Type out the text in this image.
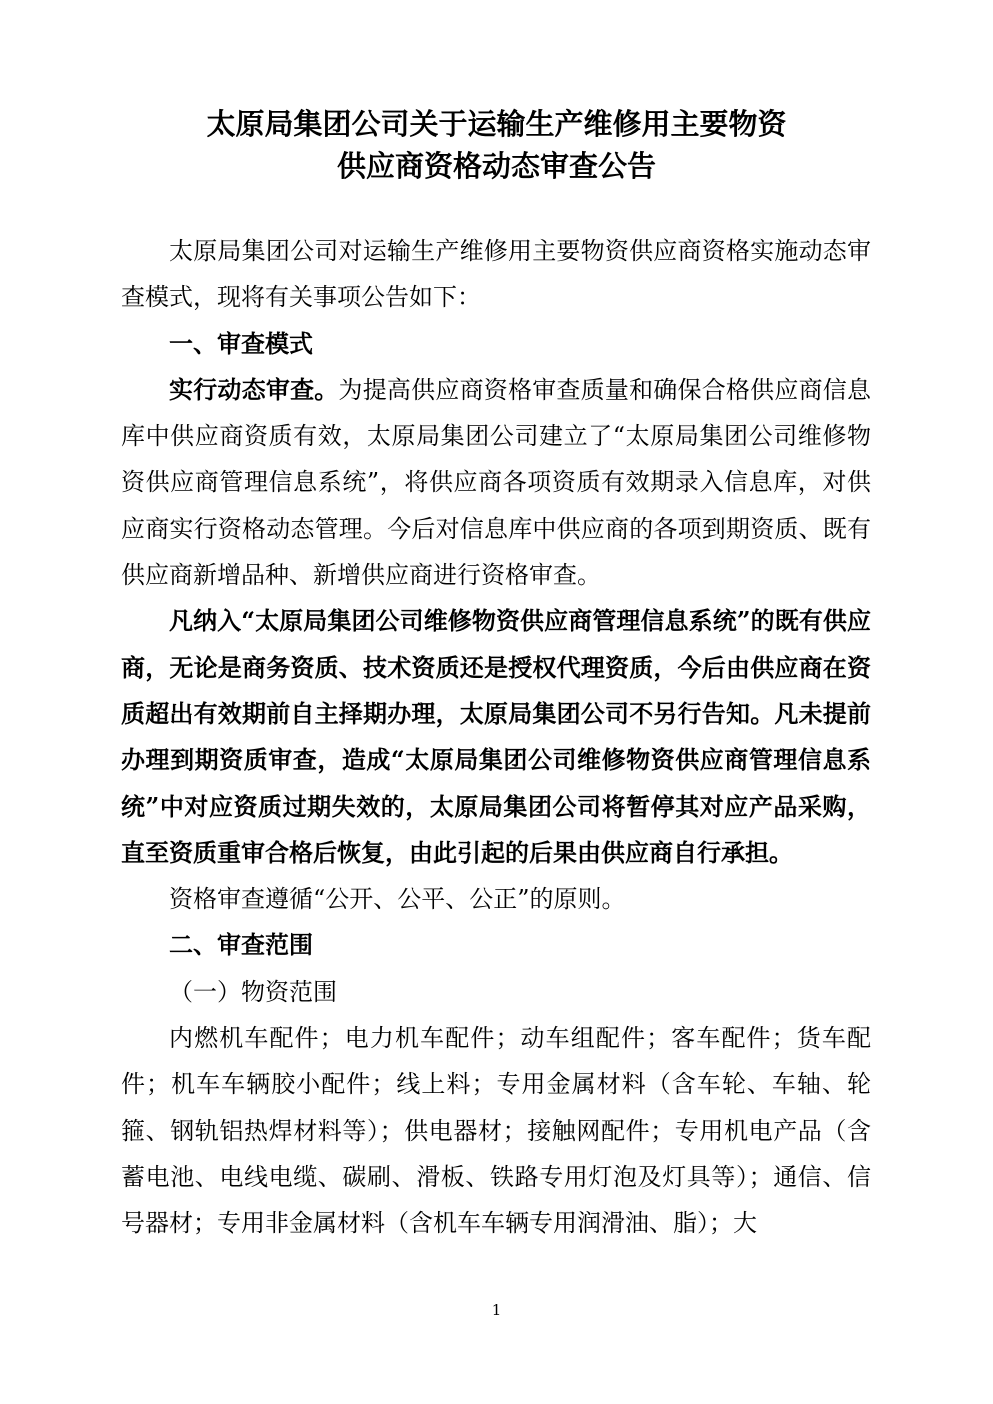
太原局集团公司关于运输生产维修用主要物资
供应商资格动态审查公告

太原局集团公司对运输生产维修用主要物资供应商资格实施动态审查模式，现将有关事项公告如下：

一、审查模式

实行动态审查。为提高供应商资格审查质量和确保合格供应商信息库中供应商资质有效，太原局集团公司建立了“太原局集团公司维修物资供应商管理信息系统”，将供应商各项资质有效期录入信息库，对供应商实行资格动态管理。今后对信息库中供应商的各项到期资质、既有供应商新增品种、新增供应商进行资格审查。

凡纳入“太原局集团公司维修物资供应商管理信息系统”的既有供应商，无论是商务资质、技术资质还是授权代理资质，今后由供应商在资质超出有效期前自主择期办理，太原局集团公司不另行告知。凡未提前办理到期资质审查，造成“太原局集团公司维修物资供应商管理信息系统”中对应资质过期失效的，太原局集团公司将暂停其对应产品采购，直至资质重审合格后恢复，由此引起的后果由供应商自行承担。

资格审查遵循“公开、公平、公正”的原则。

二、审查范围

（一）物资范围

内燃机车配件；电力机车配件；动车组配件；客车配件；货车配件；机车车辆胶小配件；线上料；专用金属材料（含车轮、车轴、轮箍、钢轨铝热焊材料等）；供电器材；接触网配件；专用机电产品（含蓄电池、电线电缆、碳刷、滑板、铁路专用灯泡及灯具等）；通信、信号器材；专用非金属材料（含机车车辆专用润滑油、脂）；大

1
